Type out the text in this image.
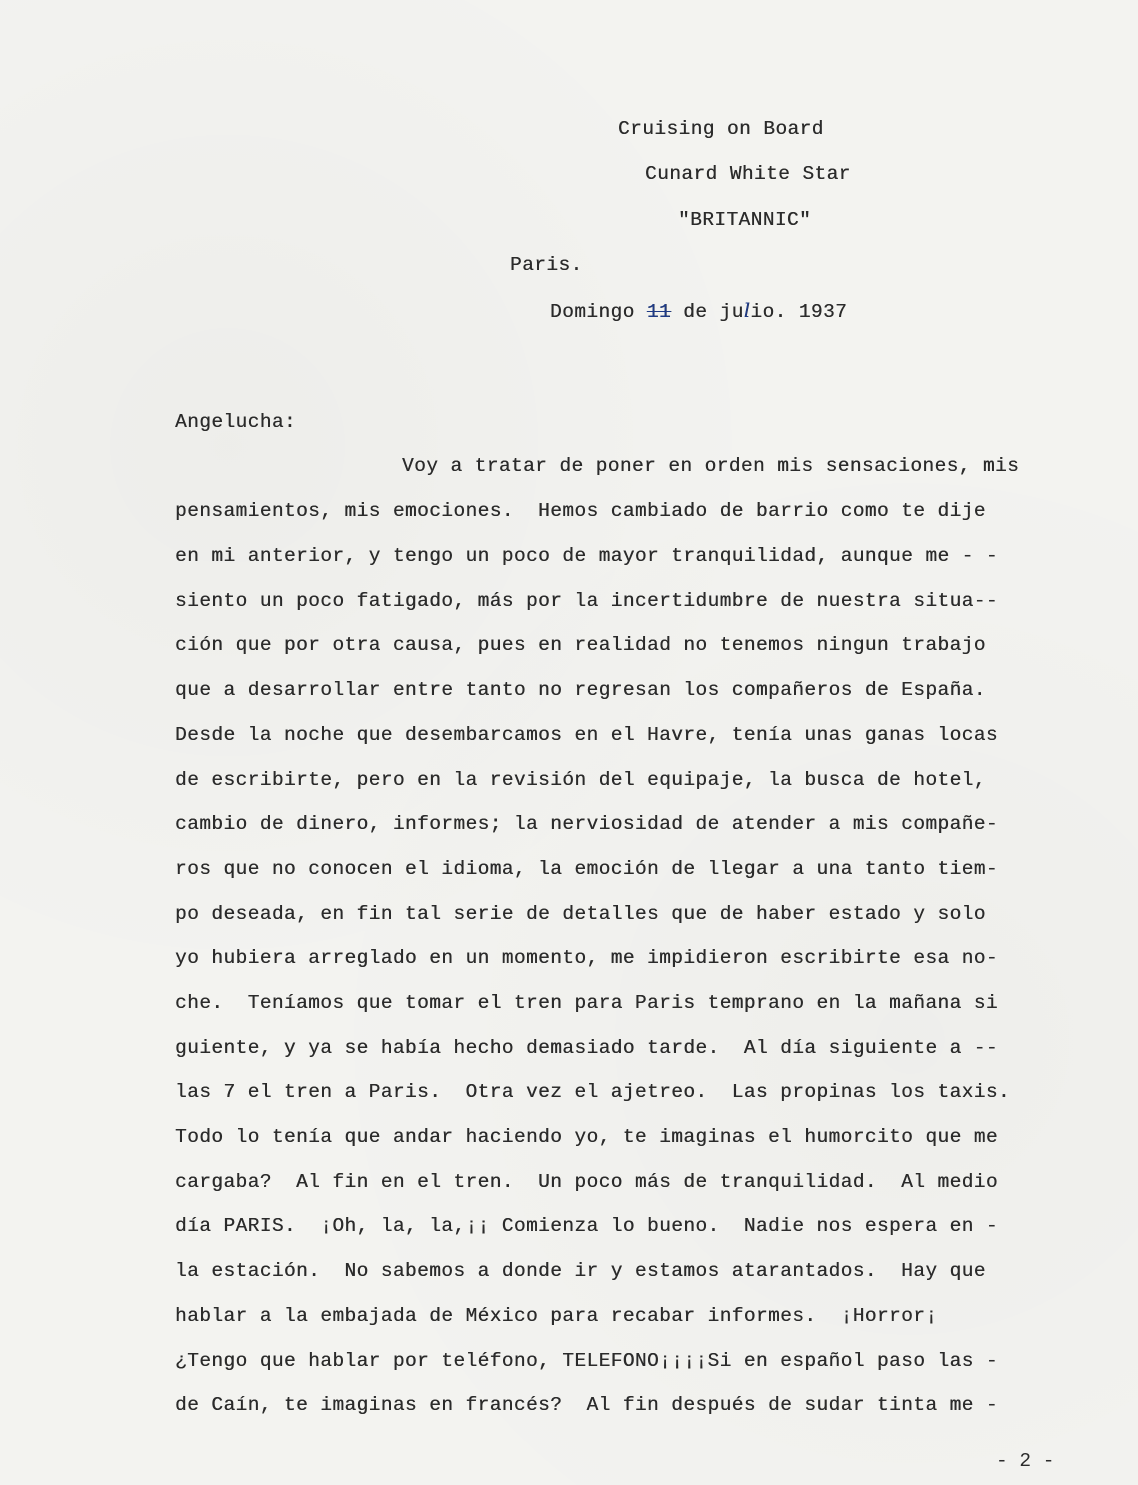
Cruising on Board
Cunard White Star
"BRITANNIC"
Paris.
Domingo 11 de julio. 1937
Angelucha:
Voy a tratar de poner en orden mis sensaciones, mis
pensamientos, mis emociones.  Hemos cambiado de barrio como te dije
en mi anterior, y tengo un poco de mayor tranquilidad, aunque me - -
siento un poco fatigado, más por la incertidumbre de nuestra situa--
ción que por otra causa, pues en realidad no tenemos ningun trabajo
que a desarrollar entre tanto no regresan los compañeros de España.
Desde la noche que desembarcamos en el Havre, tenía unas ganas locas
de escribirte, pero en la revisión del equipaje, la busca de hotel,
cambio de dinero, informes; la nerviosidad de atender a mis compañe-
ros que no conocen el idioma, la emoción de llegar a una tanto tiem-
po deseada, en fin tal serie de detalles que de haber estado y solo
yo hubiera arreglado en un momento, me impidieron escribirte esa no-
che.  Teníamos que tomar el tren para Paris temprano en la mañana si
guiente, y ya se había hecho demasiado tarde.  Al día siguiente a --
las 7 el tren a Paris.  Otra vez el ajetreo.  Las propinas los taxis.
Todo lo tenía que andar haciendo yo, te imaginas el humorcito que me
cargaba?  Al fin en el tren.  Un poco más de tranquilidad.  Al medio
día PARIS.  ¡Oh, la, la,¡¡ Comienza lo bueno.  Nadie nos espera en -
la estación.  No sabemos a donde ir y estamos atarantados.  Hay que
hablar a la embajada de México para recabar informes.  ¡Horror¡
¿Tengo que hablar por teléfono, TELEFONO¡¡¡¡Si en español paso las -
de Caín, te imaginas en francés?  Al fin después de sudar tinta me -
- 2 -
